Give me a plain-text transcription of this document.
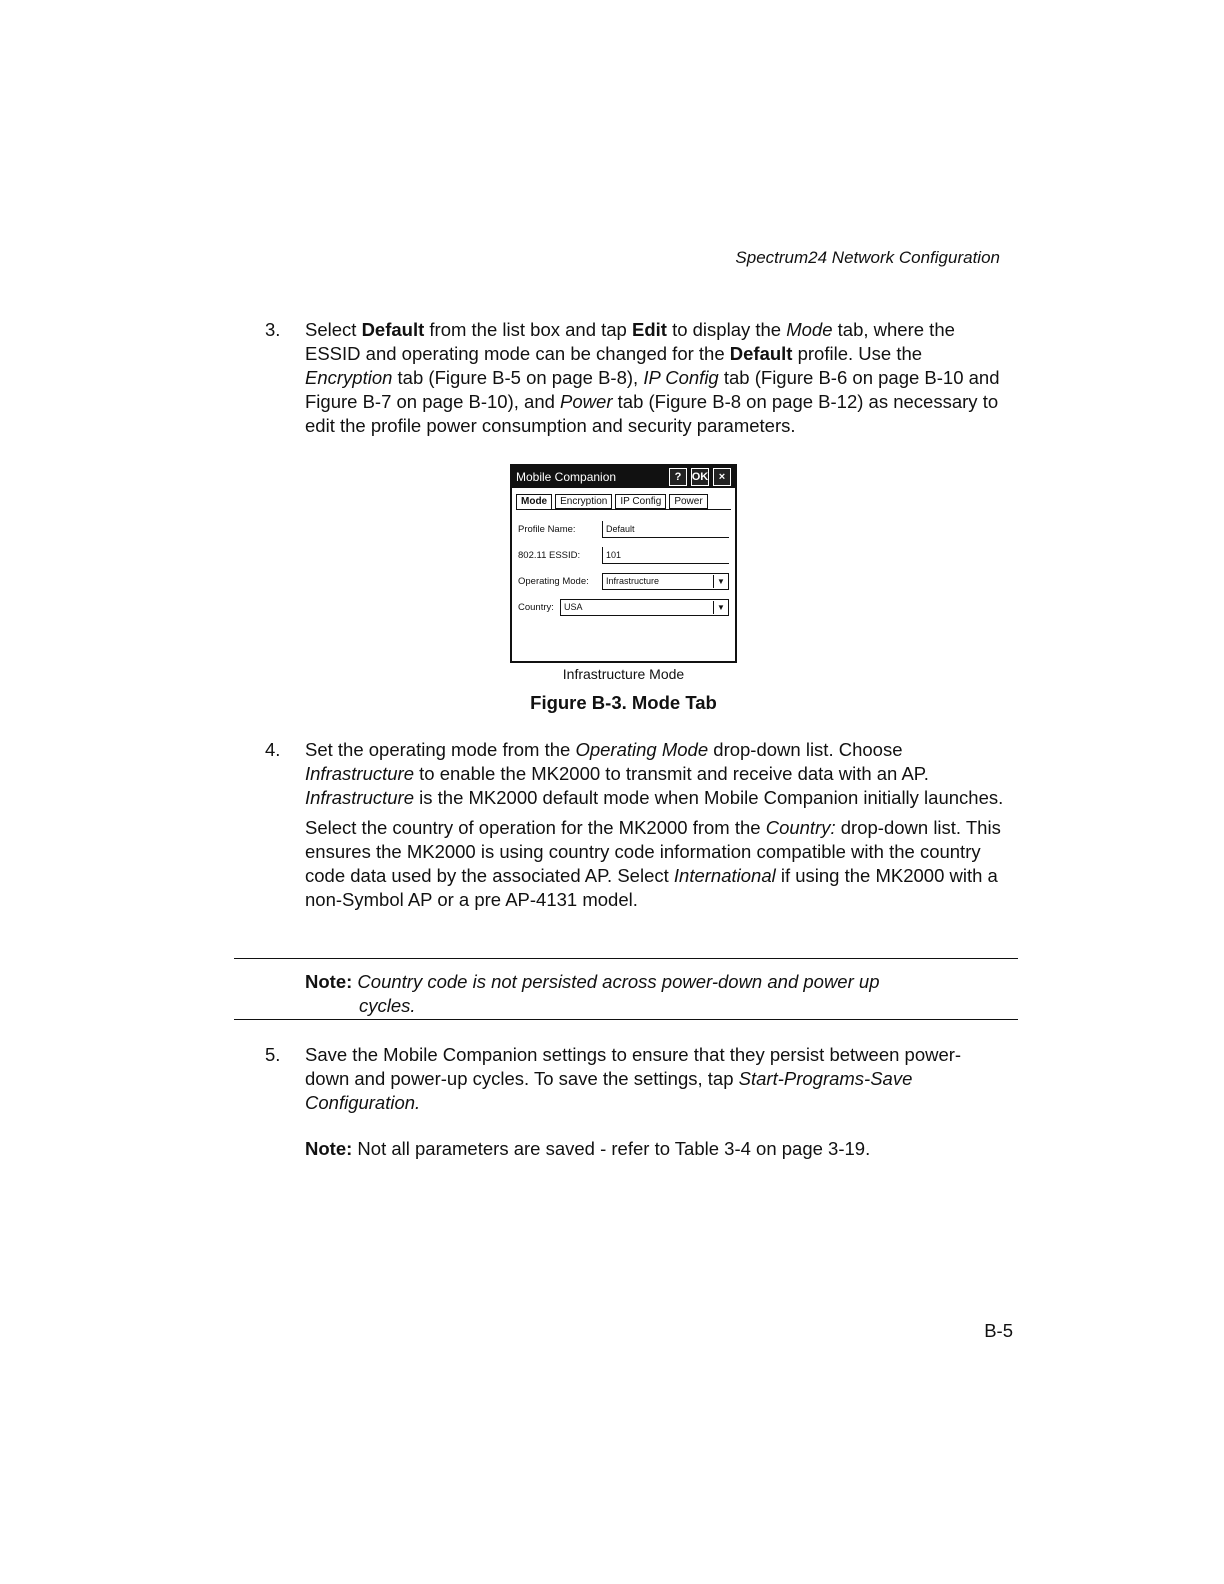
Spectrum24 Network Configuration
3.	Select Default from the list box and tap Edit to display the Mode tab, where the ESSID and operating mode can be changed for the Default profile. Use the Encryption tab (Figure B-5 on page B-8), IP Config tab (Figure B-6 on page B-10 and Figure B-7 on page B-10), and Power tab (Figure B-8 on page B-12) as necessary to edit the profile power consumption and security parameters.

Mobile Companion	? OK ×
Mode	Encryption	IP Config	Power
Profile Name:	Default
802.11 ESSID:	101
Operating Mode:	Infrastructure	▼
Country:	USA	▼
Infrastructure Mode
Figure B-3. Mode Tab
4.	Set the operating mode from the Operating Mode drop-down list. Choose Infrastructure to enable the MK2000 to transmit and receive data with an AP. Infrastructure is the MK2000 default mode when Mobile Companion initially launches.

Select the country of operation for the MK2000 from the Country: drop-down list. This ensures the MK2000 is using country code information compatible with the country code data used by the associated AP. Select International if using the MK2000 with a non-Symbol AP or a pre AP-4131 model.

Note: Country code is not persisted across power-down and power up
cycles.
5.	Save the Mobile Companion settings to ensure that they persist between power-down and power-up cycles. To save the settings, tap Start-Programs-Save Configuration.

Note: Not all parameters are saved - refer to Table 3-4 on page 3-19.
B-5
